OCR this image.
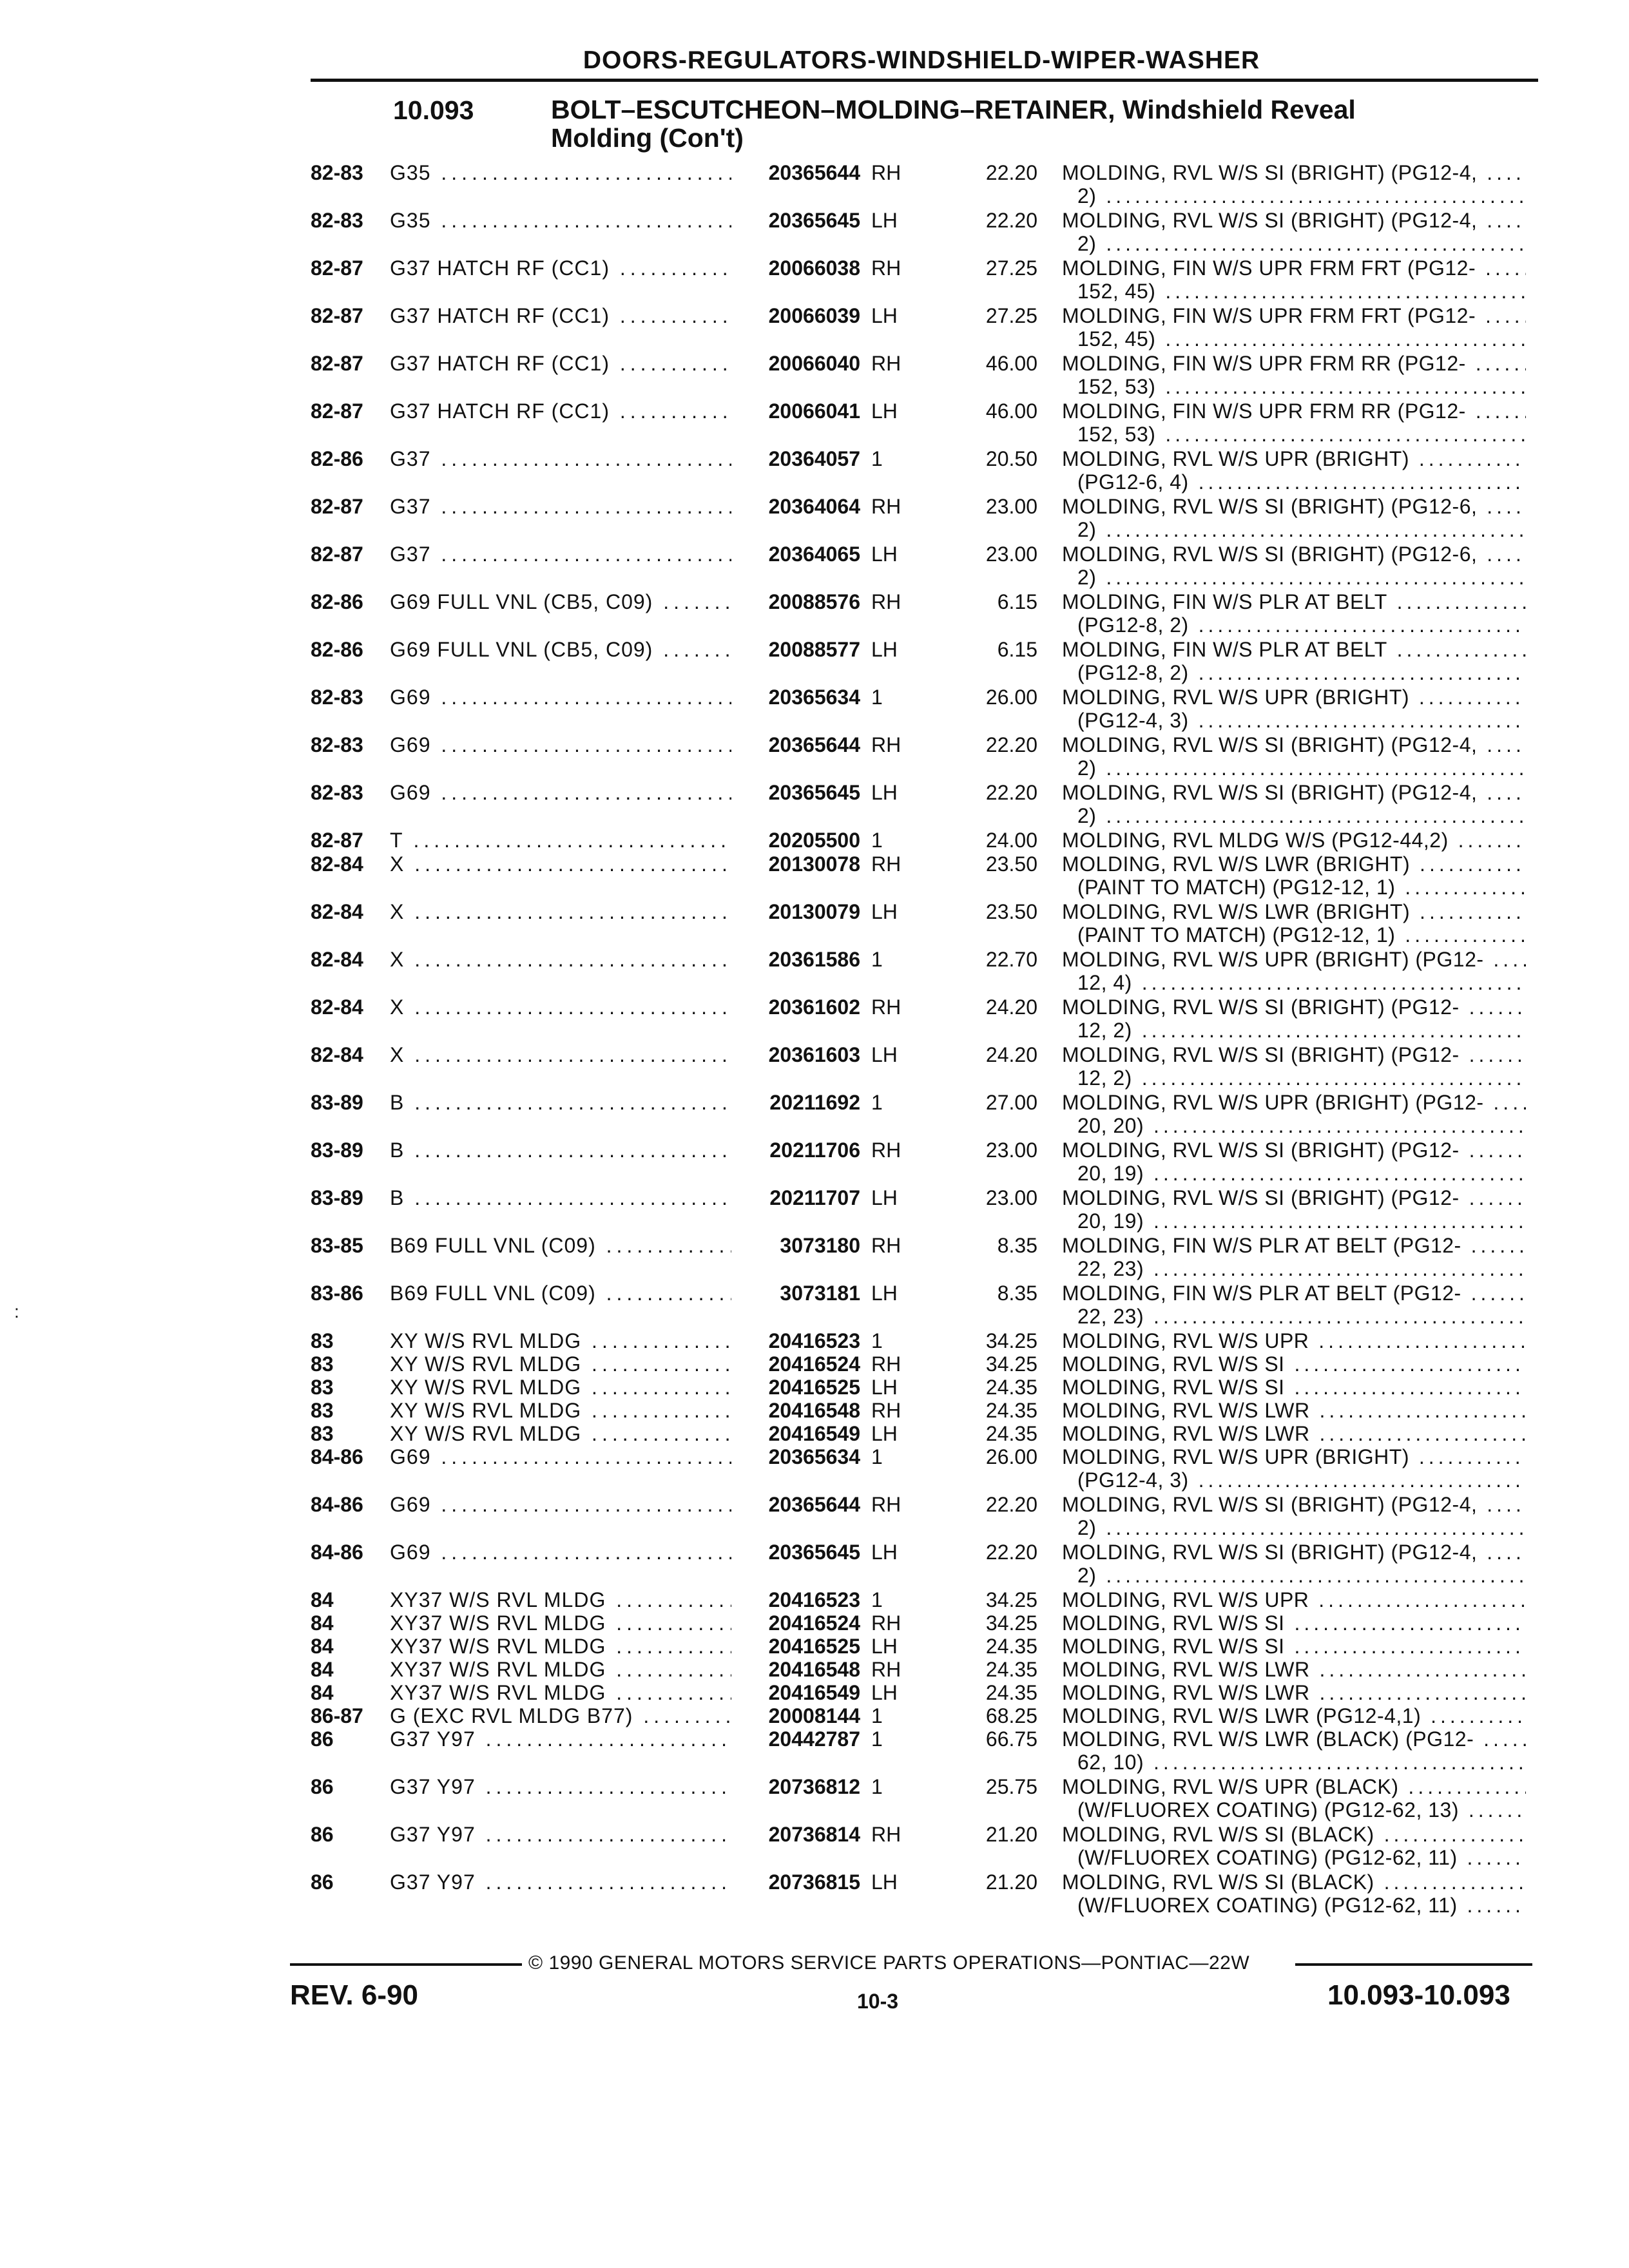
DOORS-REGULATORS-WINDSHIELD-WIPER-WASHER
10.093	BOLT–ESCUTCHEON–MOLDING–RETAINER, Windshield Reveal
Molding (Con't)
82-83	G35 .....	20365644 RH	22.20 MOLDING, RVL W/S SI (BRIGHT) (PG12-4, .....
2) .....
82-83	G35 .....	20365645 LH	22.20 MOLDING, RVL W/S SI (BRIGHT) (PG12-4, .....
2) .....
82-87	G37 HATCH RF (CC1) .....	20066038 RH	27.25 MOLDING, FIN W/S UPR FRM FRT (PG12- .....
152, 45) .....
82-87	G37 HATCH RF (CC1) .....	20066039 LH	27.25 MOLDING, FIN W/S UPR FRM FRT (PG12- .....
152, 45) .....
82-87	G37 HATCH RF (CC1) .....	20066040 RH	46.00 MOLDING, FIN W/S UPR FRM RR (PG12- .....
152, 53) .....
82-87	G37 HATCH RF (CC1) .....	20066041 LH	46.00 MOLDING, FIN W/S UPR FRM RR (PG12- .....
152, 53) .....
82-86	G37 .....	20364057 1	20.50 MOLDING, RVL W/S UPR (BRIGHT) .....
(PG12-6, 4) .....
82-87	G37 .....	20364064 RH	23.00 MOLDING, RVL W/S SI (BRIGHT) (PG12-6, .....
2) .....
82-87	G37 .....	20364065 LH	23.00 MOLDING, RVL W/S SI (BRIGHT) (PG12-6, .....
2) .....
82-86	G69 FULL VNL (CB5, C09) .....	20088576 RH	6.15 MOLDING, FIN W/S PLR AT BELT .....
(PG12-8, 2) .....
82-86	G69 FULL VNL (CB5, C09) .....	20088577 LH	6.15 MOLDING, FIN W/S PLR AT BELT .....
(PG12-8, 2) .....
82-83	G69 .....	20365634 1	26.00 MOLDING, RVL W/S UPR (BRIGHT) .....
(PG12-4, 3) .....
82-83	G69 .....	20365644 RH	22.20 MOLDING, RVL W/S SI (BRIGHT) (PG12-4, .....
2) .....
82-83	G69 .....	20365645 LH	22.20 MOLDING, RVL W/S SI (BRIGHT) (PG12-4, .....
2) .....
82-87	T .....	20205500 1	24.00 MOLDING, RVL MLDG W/S (PG12-44,2) .....
82-84	X .....	20130078 RH	23.50 MOLDING, RVL W/S LWR (BRIGHT) .....
(PAINT TO MATCH) (PG12-12, 1) .....
82-84	X .....	20130079 LH	23.50 MOLDING, RVL W/S LWR (BRIGHT) .....
(PAINT TO MATCH) (PG12-12, 1) .....
82-84	X .....	20361586 1	22.70 MOLDING, RVL W/S UPR (BRIGHT) (PG12- .....
12, 4) .....
82-84	X .....	20361602 RH	24.20 MOLDING, RVL W/S SI (BRIGHT) (PG12- .....
12, 2) .....
82-84	X .....	20361603 LH	24.20 MOLDING, RVL W/S SI (BRIGHT) (PG12- .....
12, 2) .....
83-89	B .....	20211692 1	27.00 MOLDING, RVL W/S UPR (BRIGHT) (PG12- .....
20, 20) .....
83-89	B .....	20211706 RH	23.00 MOLDING, RVL W/S SI (BRIGHT) (PG12- .....
20, 19) .....
83-89	B .....	20211707 LH	23.00 MOLDING, RVL W/S SI (BRIGHT) (PG12- .....
20, 19) .....
83-85	B69 FULL VNL (C09) .....	3073180 RH	8.35 MOLDING, FIN W/S PLR AT BELT (PG12- .....
22, 23) .....
83-86	B69 FULL VNL (C09) .....	3073181 LH	8.35 MOLDING, FIN W/S PLR AT BELT (PG12- .....
22, 23) .....
83	XY W/S RVL MLDG .....	20416523 1	34.25 MOLDING, RVL W/S UPR .....
83	XY W/S RVL MLDG .....	20416524 RH	34.25 MOLDING, RVL W/S SI .....
83	XY W/S RVL MLDG .....	20416525 LH	24.35 MOLDING, RVL W/S SI .....
83	XY W/S RVL MLDG .....	20416548 RH	24.35 MOLDING, RVL W/S LWR .....
83	XY W/S RVL MLDG .....	20416549 LH	24.35 MOLDING, RVL W/S LWR .....
84-86	G69 .....	20365634 1	26.00 MOLDING, RVL W/S UPR (BRIGHT) .....
(PG12-4, 3) .....
84-86	G69 .....	20365644 RH	22.20 MOLDING, RVL W/S SI (BRIGHT) (PG12-4, .....
2) .....
84-86	G69 .....	20365645 LH	22.20 MOLDING, RVL W/S SI (BRIGHT) (PG12-4, .....
2) .....
84	XY37 W/S RVL MLDG .....	20416523 1	34.25 MOLDING, RVL W/S UPR .....
84	XY37 W/S RVL MLDG .....	20416524 RH	34.25 MOLDING, RVL W/S SI .....
84	XY37 W/S RVL MLDG .....	20416525 LH	24.35 MOLDING, RVL W/S SI .....
84	XY37 W/S RVL MLDG .....	20416548 RH	24.35 MOLDING, RVL W/S LWR .....
84	XY37 W/S RVL MLDG .....	20416549 LH	24.35 MOLDING, RVL W/S LWR .....
86-87	G (EXC RVL MLDG B77) .....	20008144 1	68.25 MOLDING, RVL W/S LWR (PG12-4,1) .....
86	G37 Y97 .....	20442787 1	66.75 MOLDING, RVL W/S LWR (BLACK) (PG12- .....
62, 10) .....
86	G37 Y97 .....	20736812 1	25.75 MOLDING, RVL W/S UPR (BLACK) .....
(W/FLUOREX COATING) (PG12-62, 13) .....
86	G37 Y97 .....	20736814 RH	21.20 MOLDING, RVL W/S SI (BLACK) .....
(W/FLUOREX COATING) (PG12-62, 11) .....
86	G37 Y97 .....	20736815 LH	21.20 MOLDING, RVL W/S SI (BLACK) .....
(W/FLUOREX COATING) (PG12-62, 11) .....
:
© 1990 GENERAL MOTORS SERVICE PARTS OPERATIONS—PONTIAC—22W
REV. 6-90	10-3	10.093-10.093
